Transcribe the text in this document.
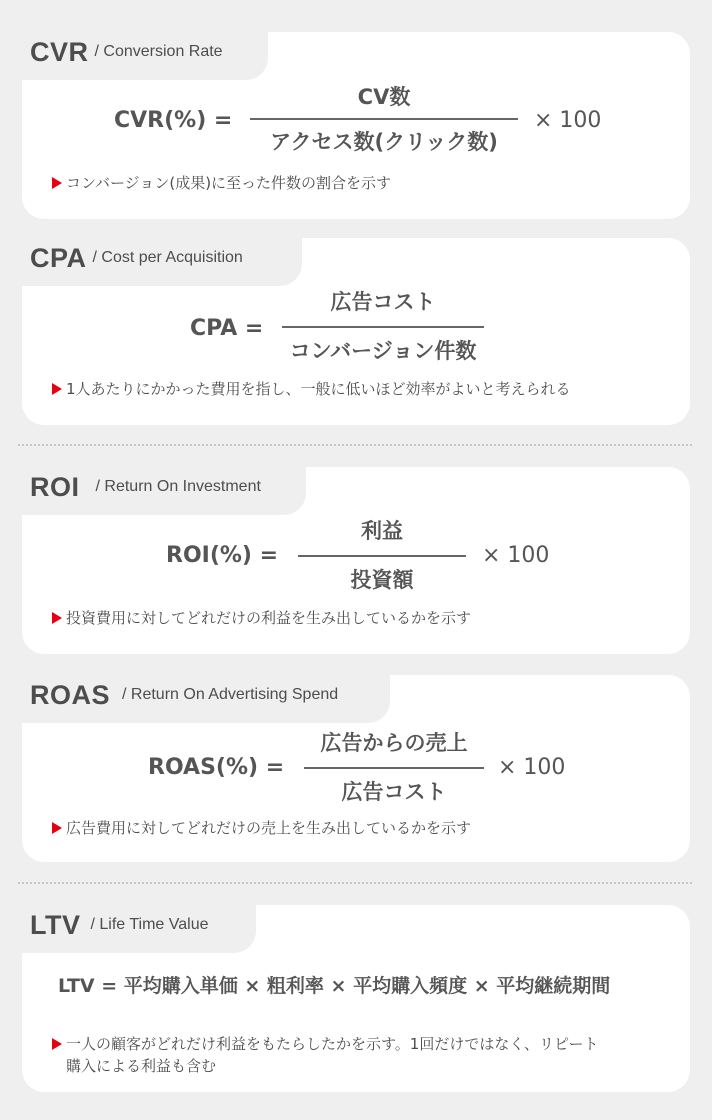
CVR / Conversion Rate
CVR(%) =
CV数
アクセス数(クリック数)
× 100
コンバージョン(成果)に至った件数の割合を示す
CPA / Cost per Acquisition
CPA =
広告コスト
コンバージョン件数
1人あたりにかかった費用を指し、一般に低いほど効率がよいと考えられる
ROI / Return On Investment
ROI(%) =
利益
投資額
× 100
投資費用に対してどれだけの利益を生み出しているかを示す
ROAS / Return On Advertising Spend
ROAS(%) =
広告からの売上
広告コスト
× 100
広告費用に対してどれだけの売上を生み出しているかを示す
LTV / Life Time Value
LTV = 平均購入単価 × 粗利率 × 平均購入頻度 × 平均継続期間
一人の顧客がどれだけ利益をもたらしたかを示す。1回だけではなく、リピート
購入による利益も含む
